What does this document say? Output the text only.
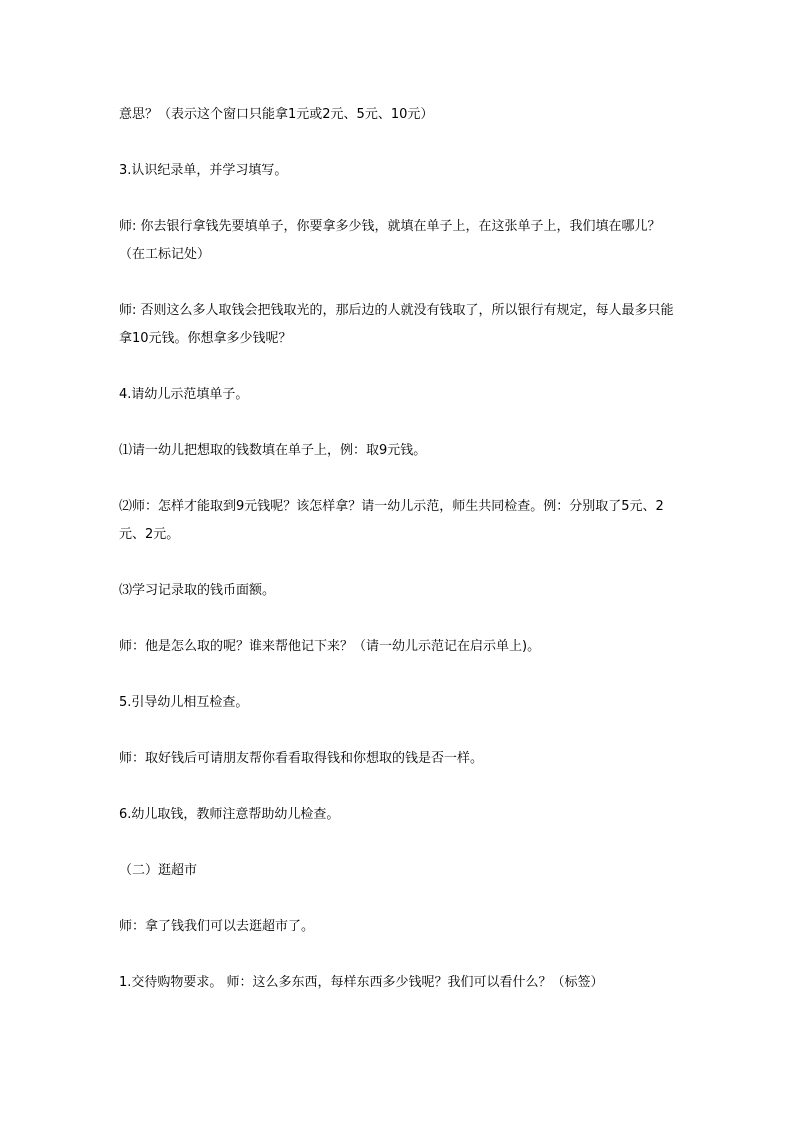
意思？（表示这个窗口只能拿1元或2元、5元、10元）

3.认识纪录单，并学习填写。

师: 你去银行拿钱先要填单子，你要拿多少钱，就填在单子上，在这张单子上，我们填在哪儿？（在工标记处）

师: 否则这么多人取钱会把钱取光的，那后边的人就没有钱取了，所以银行有规定，每人最多只能拿10元钱。你想拿多少钱呢？

4.请幼儿示范填单子。

⑴请一幼儿把想取的钱数填在单子上，例：取9元钱。

⑵师：怎样才能取到9元钱呢？该怎样拿？请一幼儿示范，师生共同检查。例：分别取了5元、2元、2元。

⑶学习记录取的钱币面额。

师：他是怎么取的呢？谁来帮他记下来？（请一幼儿示范记在启示单上)。

5.引导幼儿相互检查。

师：取好钱后可请朋友帮你看看取得钱和你想取的钱是否一样。

6.幼儿取钱，教师注意帮助幼儿检查。

（二）逛超市

师：拿了钱我们可以去逛超市了。

1.交待购物要求。 师：这么多东西，每样东西多少钱呢？我们可以看什么？（标签）
